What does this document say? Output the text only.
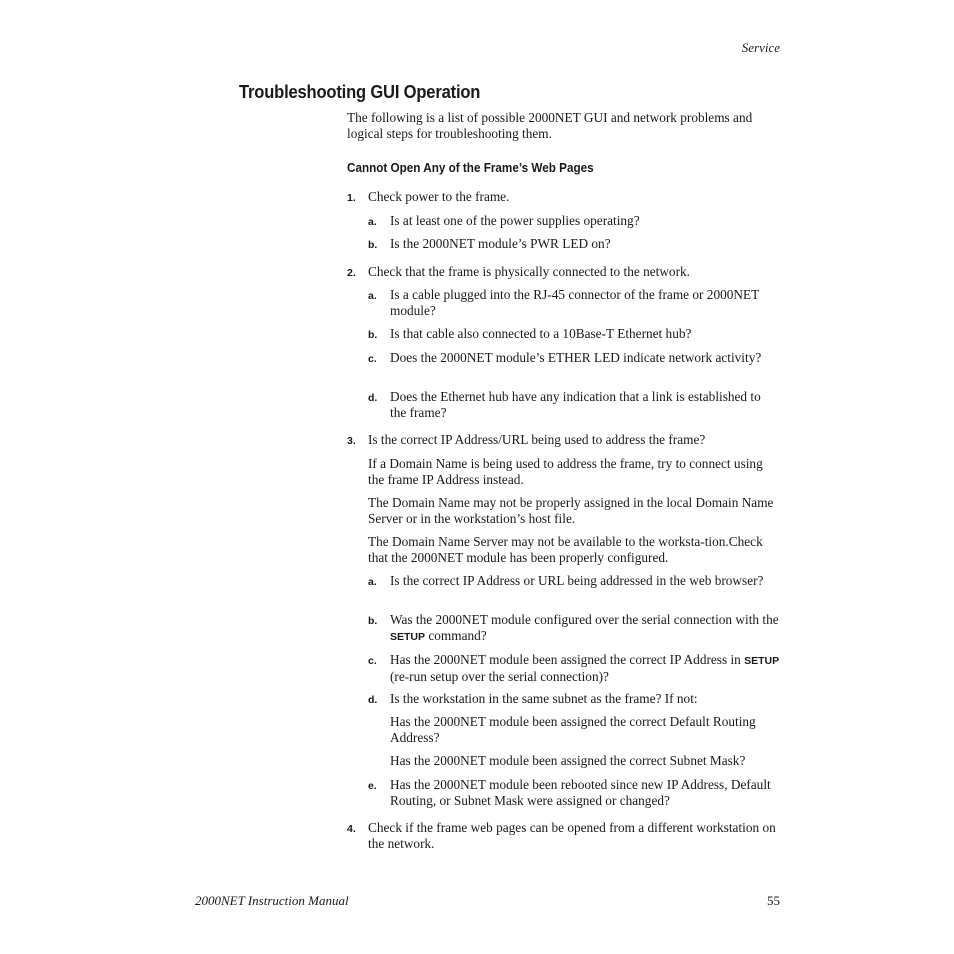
Service
Troubleshooting GUI Operation
The following is a list of possible 2000NET GUI and network problems and logical steps for troubleshooting them.
Cannot Open Any of the Frame’s Web Pages
1. Check power to the frame.
a. Is at least one of the power supplies operating?
b. Is the 2000NET module’s PWR LED on?
2. Check that the frame is physically connected to the network.
a. Is a cable plugged into the RJ-45 connector of the frame or 2000NET module?
b. Is that cable also connected to a 10Base-T Ethernet hub?
c. Does the 2000NET module’s ETHER LED indicate network activity?
d. Does the Ethernet hub have any indication that a link is established to the frame?
3. Is the correct IP Address/URL being used to address the frame?
If a Domain Name is being used to address the frame, try to connect using the frame IP Address instead.
The Domain Name may not be properly assigned in the local Domain Name Server or in the workstation’s host file.
The Domain Name Server may not be available to the worksta-tion.Check that the 2000NET module has been properly configured.
a. Is the correct IP Address or URL being addressed in the web browser?
b. Was the 2000NET module configured over the serial connection with the SETUP command?
c. Has the 2000NET module been assigned the correct IP Address in SETUP (re-run setup over the serial connection)?
d. Is the workstation in the same subnet as the frame? If not:
Has the 2000NET module been assigned the correct Default Routing Address?
Has the 2000NET module been assigned the correct Subnet Mask?
e. Has the 2000NET module been rebooted since new IP Address, Default Routing, or Subnet Mask were assigned or changed?
4. Check if the frame web pages can be opened from a different workstation on the network.
2000NET Instruction Manual	55
